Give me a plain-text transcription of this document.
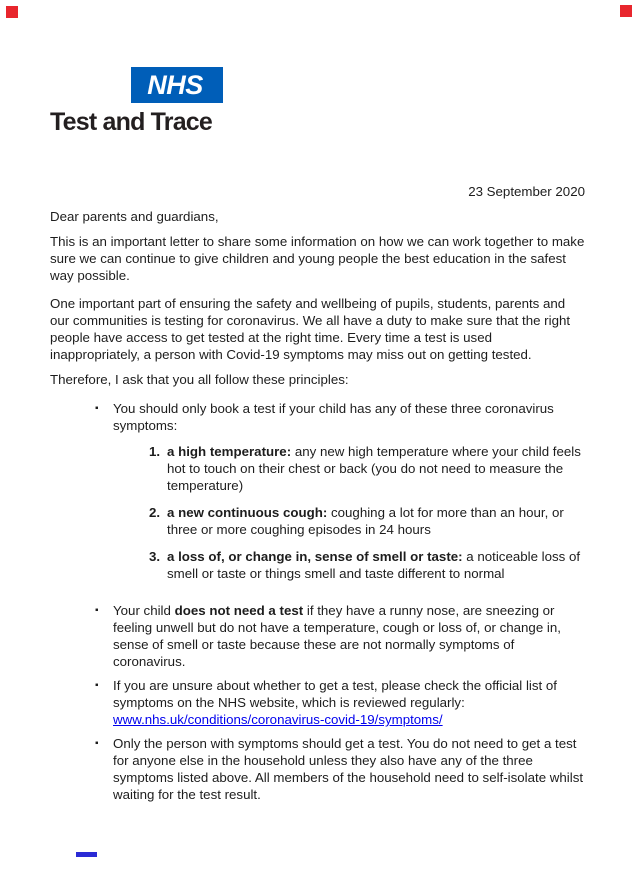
NHS
Test and Trace
23 September 2020
Dear parents and guardians,

This is an important letter to share some information on how we can work together to make sure we can continue to give children and young people the best education in the safest way possible.

One important part of ensuring the safety and wellbeing of pupils, students, parents and our communities is testing for coronavirus. We all have a duty to make sure that the right people have access to get tested at the right time. Every time a test is used inappropriately, a person with Covid-19 symptoms may miss out on getting tested.

Therefore, I ask that you all follow these principles:

▪ You should only book a test if your child has any of these three coronavirus symptoms:
1. a high temperature: any new high temperature where your child feels hot to touch on their chest or back (you do not need to measure the temperature)
2. a new continuous cough: coughing a lot for more than an hour, or three or more coughing episodes in 24 hours
3. a loss of, or change in, sense of smell or taste: a noticeable loss of smell or taste or things smell and taste different to normal
▪ Your child does not need a test if they have a runny nose, are sneezing or feeling unwell but do not have a temperature, cough or loss of, or change in, sense of smell or taste because these are not normally symptoms of coronavirus.
▪ If you are unsure about whether to get a test, please check the official list of symptoms on the NHS website, which is reviewed regularly:
www.nhs.uk/conditions/coronavirus-covid-19/symptoms/
▪ Only the person with symptoms should get a test. You do not need to get a test for anyone else in the household unless they also have any of the three symptoms listed above. All members of the household need to self-isolate whilst waiting for the test result.
